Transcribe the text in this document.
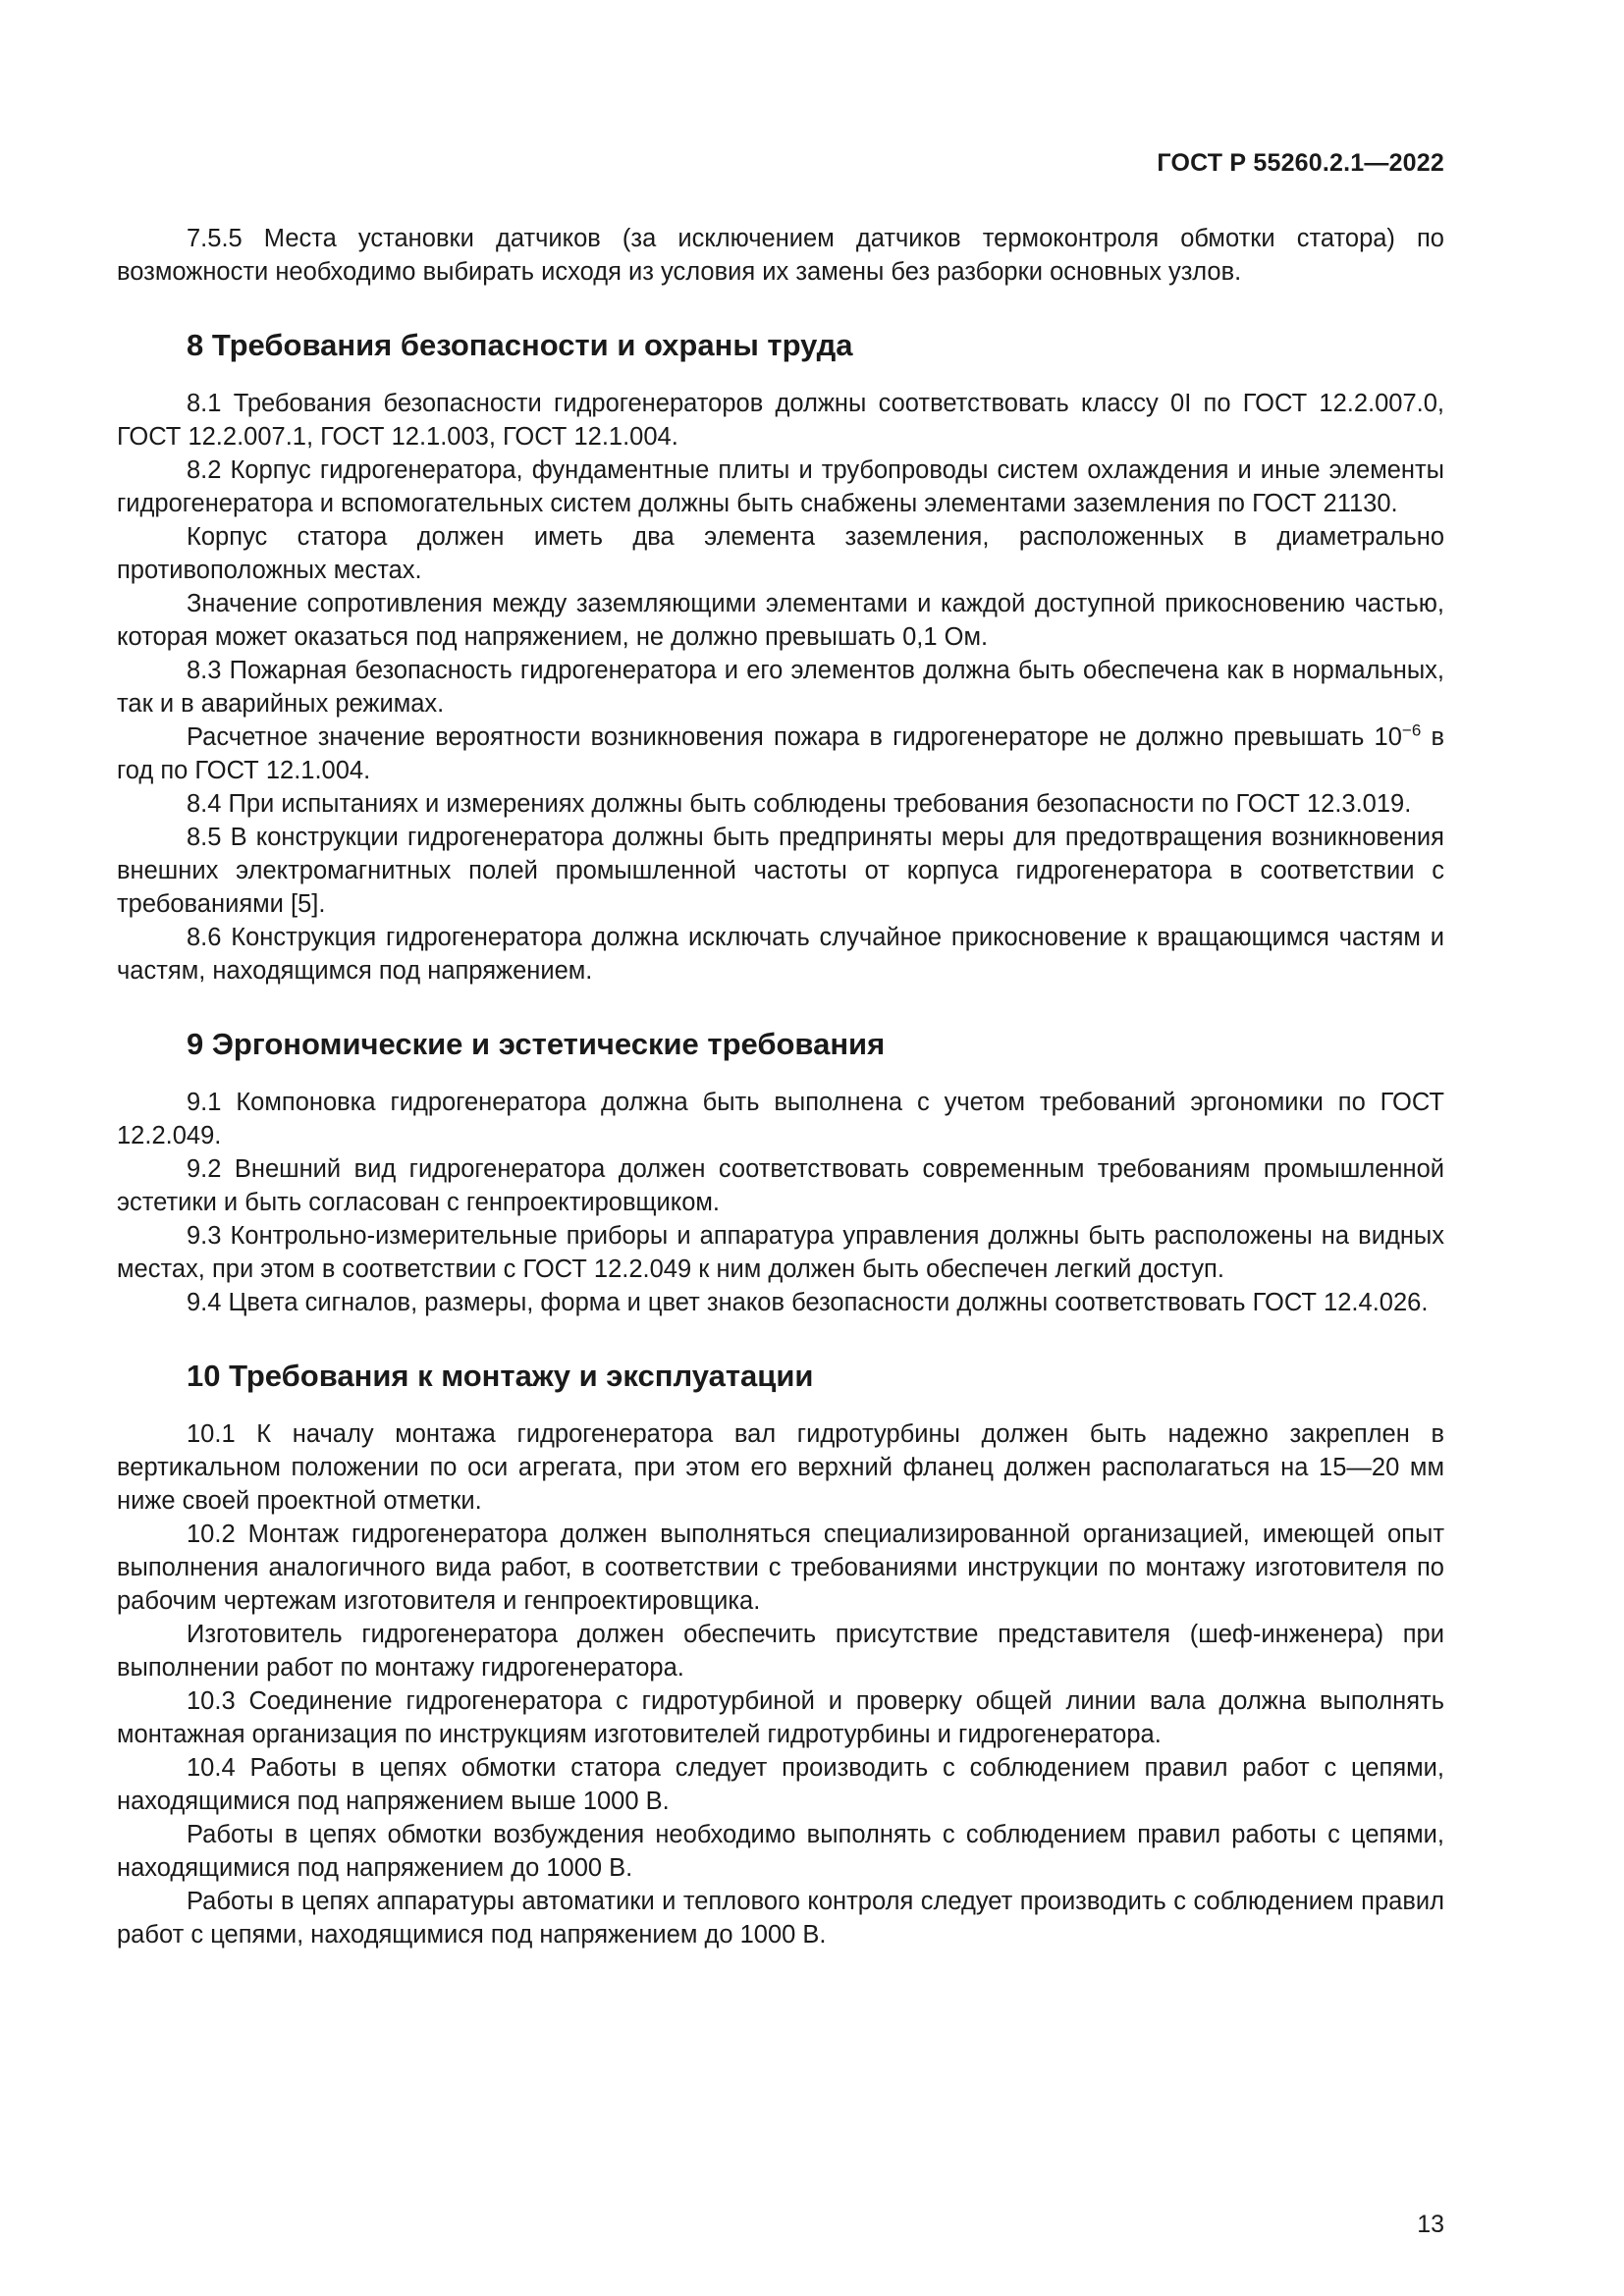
ГОСТ Р 55260.2.1—2022

7.5.5 Места установки датчиков (за исключением датчиков термоконтроля обмотки статора) по возможности необходимо выбирать исходя из условия их замены без разборки основных узлов.

8 Требования безопасности и охраны труда

8.1 Требования безопасности гидрогенераторов должны соответствовать классу 0I по ГОСТ 12.2.007.0, ГОСТ 12.2.007.1, ГОСТ 12.1.003, ГОСТ 12.1.004.

8.2 Корпус гидрогенератора, фундаментные плиты и трубопроводы систем охлаждения и иные элементы гидрогенератора и вспомогательных систем должны быть снабжены элементами заземления по ГОСТ 21130.

Корпус статора должен иметь два элемента заземления, расположенных в диаметрально противоположных местах.

Значение сопротивления между заземляющими элементами и каждой доступной прикосновению частью, которая может оказаться под напряжением, не должно превышать 0,1 Ом.

8.3 Пожарная безопасность гидрогенератора и его элементов должна быть обеспечена как в нормальных, так и в аварийных режимах.

Расчетное значение вероятности возникновения пожара в гидрогенераторе не должно превышать $10^{-6}$ в год по ГОСТ 12.1.004.

8.4 При испытаниях и измерениях должны быть соблюдены требования безопасности по ГОСТ 12.3.019.

8.5 В конструкции гидрогенератора должны быть предприняты меры для предотвращения возникновения внешних электромагнитных полей промышленной частоты от корпуса гидрогенератора в соответствии с требованиями [5].

8.6 Конструкция гидрогенератора должна исключать случайное прикосновение к вращающимся частям и частям, находящимся под напряжением.

9 Эргономические и эстетические требования

9.1 Компоновка гидрогенератора должна быть выполнена с учетом требований эргономики по ГОСТ 12.2.049.

9.2 Внешний вид гидрогенератора должен соответствовать современным требованиям промышленной эстетики и быть согласован с генпроектировщиком.

9.3 Контрольно-измерительные приборы и аппаратура управления должны быть расположены на видных местах, при этом в соответствии с ГОСТ 12.2.049 к ним должен быть обеспечен легкий доступ.

9.4 Цвета сигналов, размеры, форма и цвет знаков безопасности должны соответствовать ГОСТ 12.4.026.

10 Требования к монтажу и эксплуатации

10.1 К началу монтажа гидрогенератора вал гидротурбины должен быть надежно закреплен в вертикальном положении по оси агрегата, при этом его верхний фланец должен располагаться на 15—20 мм ниже своей проектной отметки.

10.2 Монтаж гидрогенератора должен выполняться специализированной организацией, имеющей опыт выполнения аналогичного вида работ, в соответствии с требованиями инструкции по монтажу изготовителя по рабочим чертежам изготовителя и генпроектировщика.

Изготовитель гидрогенератора должен обеспечить присутствие представителя (шеф-инженера) при выполнении работ по монтажу гидрогенератора.

10.3 Соединение гидрогенератора с гидротурбиной и проверку общей линии вала должна выполнять монтажная организация по инструкциям изготовителей гидротурбины и гидрогенератора.

10.4 Работы в цепях обмотки статора следует производить с соблюдением правил работ с цепями, находящимися под напряжением выше 1000 В.

Работы в цепях обмотки возбуждения необходимо выполнять с соблюдением правил работы с цепями, находящимися под напряжением до 1000 В.

Работы в цепях аппаратуры автоматики и теплового контроля следует производить с соблюдением правил работ с цепями, находящимися под напряжением до 1000 В.

13
